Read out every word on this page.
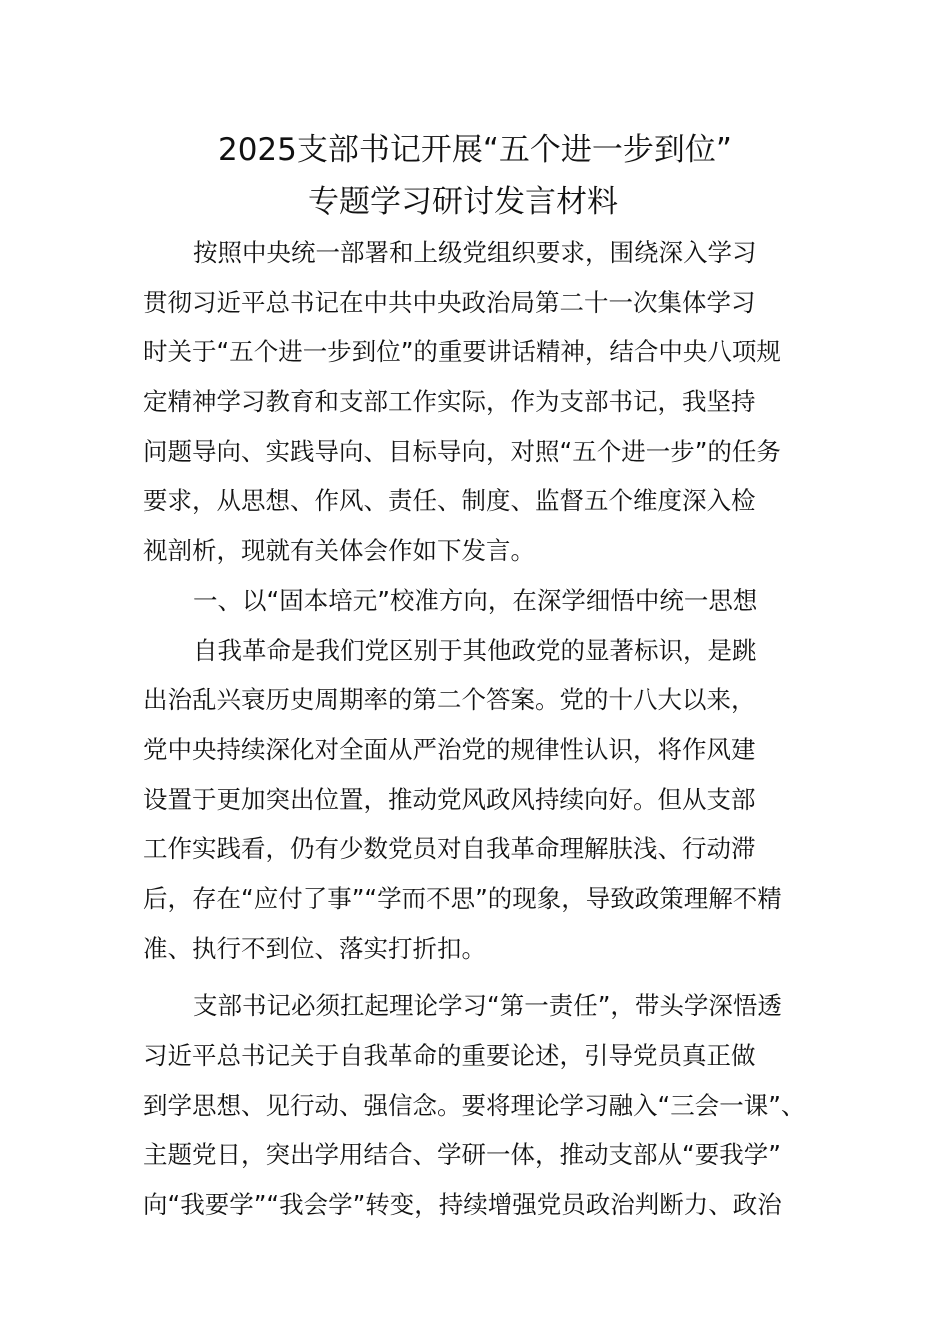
2025支部书记开展“五个进一步到位”
专题学习研讨发言材料
按照中央统一部署和上级党组织要求，围绕深入学习
贯彻习近平总书记在中共中央政治局第二十一次集体学习
时关于“五个进一步到位”的重要讲话精神，结合中央八项规
定精神学习教育和支部工作实际，作为支部书记，我坚持
问题导向、实践导向、目标导向，对照“五个进一步”的任务
要求，从思想、作风、责任、制度、监督五个维度深入检
视剖析，现就有关体会作如下发言。
一、以“固本培元”校准方向，在深学细悟中统一思想
自我革命是我们党区别于其他政党的显著标识，是跳
出治乱兴衰历史周期率的第二个答案。党的十八大以来，
党中央持续深化对全面从严治党的规律性认识，将作风建
设置于更加突出位置，推动党风政风持续向好。但从支部
工作实践看，仍有少数党员对自我革命理解肤浅、行动滞
后，存在“应付了事”“学而不思”的现象，导致政策理解不精
准、执行不到位、落实打折扣。
支部书记必须扛起理论学习“第一责任”，带头学深悟透
习近平总书记关于自我革命的重要论述，引导党员真正做
到学思想、见行动、强信念。要将理论学习融入“三会一课”、
主题党日，突出学用结合、学研一体，推动支部从“要我学”
向“我要学”“我会学”转变，持续增强党员政治判断力、政治
